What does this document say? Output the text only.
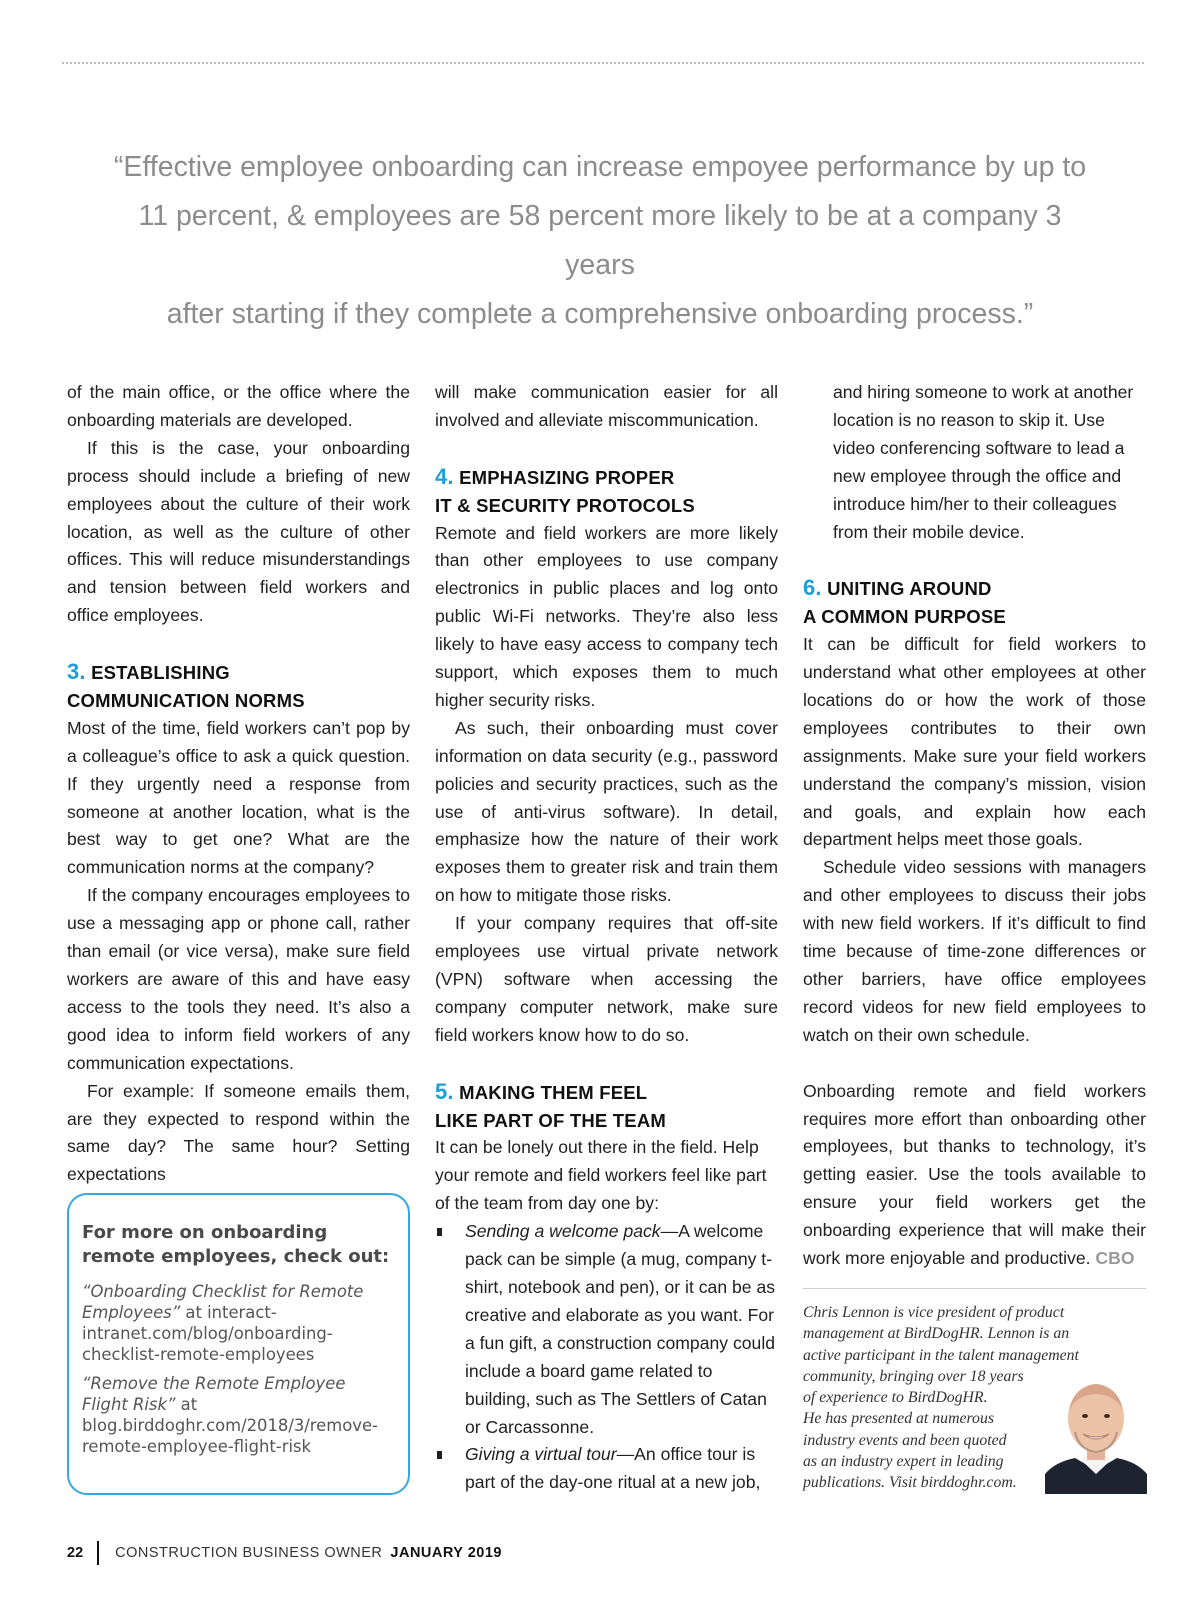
“Effective employee onboarding can increase empoyee performance by up to
11 percent, & employees are 58 percent more likely to be at a company 3 years
after starting if they complete a comprehensive onboarding process.”

of the main office, or the office where the onboarding materials are developed.

If this is the case, your onboarding process should include a briefing of new employees about the culture of their work location, as well as the culture of other offices. This will reduce misunderstandings and tension between field workers and office employees.

3. ESTABLISHING
COMMUNICATION NORMS

Most of the time, field workers can’t pop by a colleague’s office to ask a quick question. If they urgently need a response from someone at another location, what is the best way to get one? What are the communication norms at the company?

If the company encourages employees to use a messaging app or phone call, rather than email (or vice versa), make sure field workers are aware of this and have easy access to the tools they need. It’s also a good idea to inform field workers of any communication expectations.

For example: If someone emails them, are they expected to respond within the same day? The same hour? Setting expectations

For more on onboarding remote employees, check out:

“Onboarding Checklist for Remote Employees” at interact-intranet.com/blog/onboarding-checklist-remote-employees

“Remove the Remote Employee Flight Risk” at blog.birddoghr.com/2018/3/remove-remote-employee-flight-risk

will make communication easier for all involved and alleviate miscommunication.

4. EMPHASIZING PROPER
IT & SECURITY PROTOCOLS

Remote and field workers are more likely than other employees to use company electronics in public places and log onto public Wi-Fi networks. They’re also less likely to have easy access to company tech support, which exposes them to much higher security risks.

As such, their onboarding must cover information on data security (e.g., password policies and security practices, such as the use of anti-virus software). In detail, emphasize how the nature of their work exposes them to greater risk and train them on how to mitigate those risks.

If your company requires that off-site employees use virtual private network (VPN) software when accessing the company computer network, make sure field workers know how to do so.

5. MAKING THEM FEEL
LIKE PART OF THE TEAM

It can be lonely out there in the field. Help your remote and field workers feel like part of the team from day one by:

Sending a welcome pack—A welcome pack can be simple (a mug, company t-shirt, notebook and pen), or it can be as creative and elaborate as you want. For a fun gift, a construction company could include a board game related to building, such as The Settlers of Catan or Carcassonne.
Giving a virtual tour—An office tour is part of the day-one ritual at a new job,

and hiring someone to work at another location is no reason to skip it. Use video conferencing software to lead a new employee through the office and introduce him/her to their colleagues from their mobile device.

6. UNITING AROUND
A COMMON PURPOSE

It can be difficult for field workers to understand what other employees at other locations do or how the work of those employees contributes to their own assignments. Make sure your field workers understand the company’s mission, vision and goals, and explain how each department helps meet those goals.

Schedule video sessions with managers and other employees to discuss their jobs with new field workers. If it’s difficult to find time because of time-zone differences or other barriers, have office employees record videos for new field employees to watch on their own schedule.

Onboarding remote and field workers requires more effort than onboarding other employees, but thanks to technology, it’s getting easier. Use the tools available to ensure your field workers get the onboarding experience that will make their work more enjoyable and productive. CBO

Chris Lennon is vice president of product
management at BirdDogHR. Lennon is an
active participant in the talent management
community, bringing over 18 years
of experience to BirdDogHR.
He has presented at numerous
industry events and been quoted
as an industry expert in leading
publications. Visit birddoghr.com.
22 CONSTRUCTION BUSINESS OWNER JANUARY 2019
